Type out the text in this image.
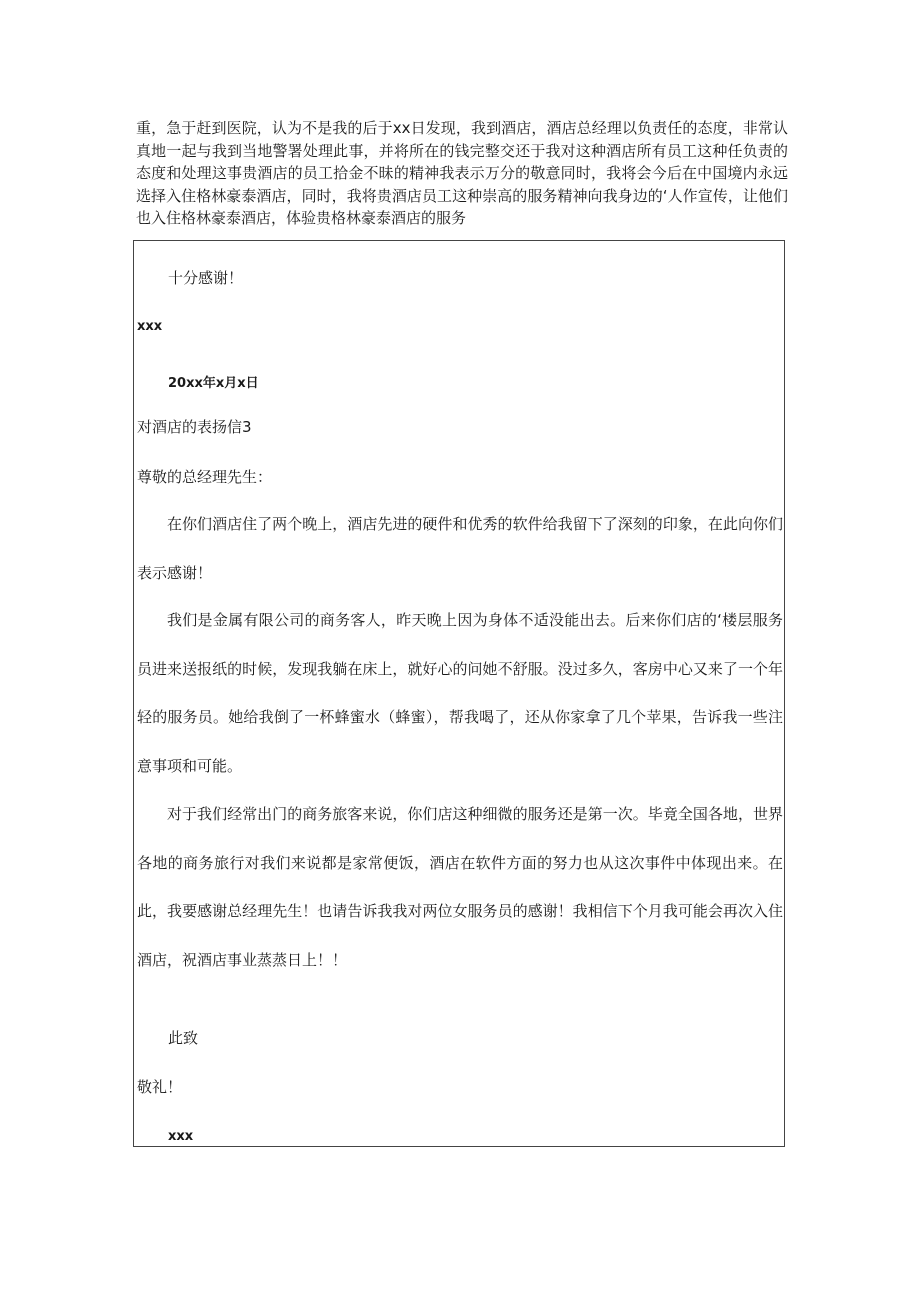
重，急于赶到医院，认为不是我的后于xx日发现，我到酒店，酒店总经理以负责任的态度，非常认真地一起与我到当地警署处理此事，并将所在的钱完整交还于我对这种酒店所有员工这种任负责的态度和处理这事贵酒店的员工拾金不昧的精神我表示万分的敬意同时，我将会今后在中国境内永远选择入住格林豪泰酒店，同时，我将贵酒店员工这种崇高的服务精神向我身边的‘人作宣传，让他们也入住格林豪泰酒店，体验贵格林豪泰酒店的服务

十分感谢！

xxx

20xx年x月x日

对酒店的表扬信3

尊敬的总经理先生：

在你们酒店住了两个晚上，酒店先进的硬件和优秀的软件给我留下了深刻的印象，在此向你们表示感谢！

我们是金属有限公司的商务客人，昨天晚上因为身体不适没能出去。后来你们店的‘楼层服务员进来送报纸的时候，发现我躺在床上，就好心的问她不舒服。没过多久，客房中心又来了一个年轻的服务员。她给我倒了一杯蜂蜜水（蜂蜜），帮我喝了，还从你家拿了几个苹果，告诉我一些注意事项和可能。

对于我们经常出门的商务旅客来说，你们店这种细微的服务还是第一次。毕竟全国各地，世界各地的商务旅行对我们来说都是家常便饭，酒店在软件方面的努力也从这次事件中体现出来。在此，我要感谢总经理先生！也请告诉我我对两位女服务员的感谢！我相信下个月我可能会再次入住酒店，祝酒店事业蒸蒸日上！！

此致

敬礼！

xxx
